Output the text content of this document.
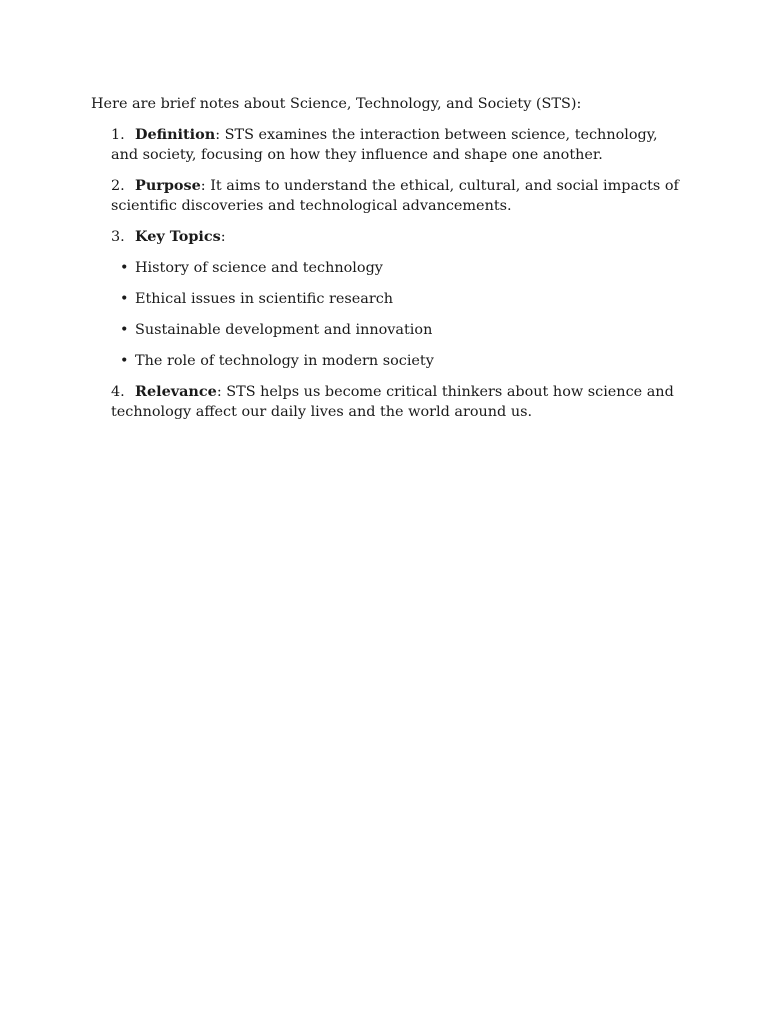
Here are brief notes about Science, Technology, and Society (STS):
1. Definition: STS examines the interaction between science, technology, and society, focusing on how they influence and shape one another.
2. Purpose: It aims to understand the ethical, cultural, and social impacts of scientific discoveries and technological advancements.
3. Key Topics:
• History of science and technology
• Ethical issues in scientific research
• Sustainable development and innovation
• The role of technology in modern society
4. Relevance: STS helps us become critical thinkers about how science and technology affect our daily lives and the world around us.
